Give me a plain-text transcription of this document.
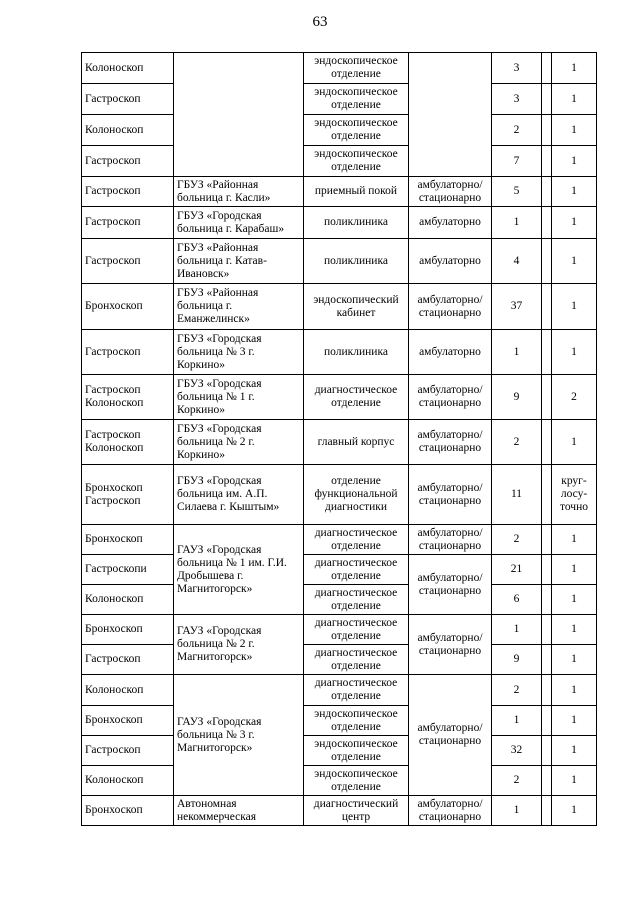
63
Колоноскоп		эндоскопическое отделение		3		1
Гастроскоп		эндоскопическое отделение		3		1
Колоноскоп		эндоскопическое отделение		2		1
Гастроскоп		эндоскопическое отделение		7		1
Гастроскоп	ГБУЗ «Районная больница г. Касли»	приемный покой	амбулаторно/ стационарно	5		1
Гастроскоп	ГБУЗ «Городская больница г. Карабаш»	поликлиника	амбулаторно	1		1
Гастроскоп	ГБУЗ «Районная больница г. Катав-Ивановск»	поликлиника	амбулаторно	4		1
Бронхоскоп	ГБУЗ «Районная больница г. Еманжелинск»	эндоскопический кабинет	амбулаторно/ стационарно	37		1
Гастроскоп	ГБУЗ «Городская больница № 3 г. Коркино»	поликлиника	амбулаторно	1		1
Гастроскоп Колоноскоп	ГБУЗ «Городская больница № 1 г. Коркино»	диагностическое отделение	амбулаторно/ стационарно	9		2
Гастроскоп Колоноскоп	ГБУЗ «Городская больница № 2 г. Коркино»	главный корпус	амбулаторно/ стационарно	2		1
Бронхоскоп Гастроскоп	ГБУЗ «Городская больница им. А.П. Силаева г. Кыштым»	отделение функциональной диагностики	амбулаторно/ стационарно	11		круг-лосу-точно
Бронхоскоп	ГАУЗ «Городская больница № 1 им. Г.И. Дробышева г. Магнитогорск»	диагностическое отделение	амбулаторно/ стационарно	2		1
Гастроскопи		диагностическое отделение	амбулаторно/ стационарно	21		1
Колоноскоп		диагностическое отделение		6		1
Бронхоскоп	ГАУЗ «Городская больница № 2 г. Магнитогорск»	диагностическое отделение	амбулаторно/ стационарно	1		1
Гастроскоп		диагностическое отделение		9		1
Колоноскоп	ГАУЗ «Городская больница № 3 г. Магнитогорск»	диагностическое отделение	амбулаторно/ стационарно	2		1
Бронхоскоп		эндоскопическое отделение		1		1
Гастроскоп		эндоскопическое отделение		32		1
Колоноскоп		эндоскопическое отделение		2		1
Бронхоскоп	Автономная некоммерческая	диагностический центр	амбулаторно/ стационарно	1		1
